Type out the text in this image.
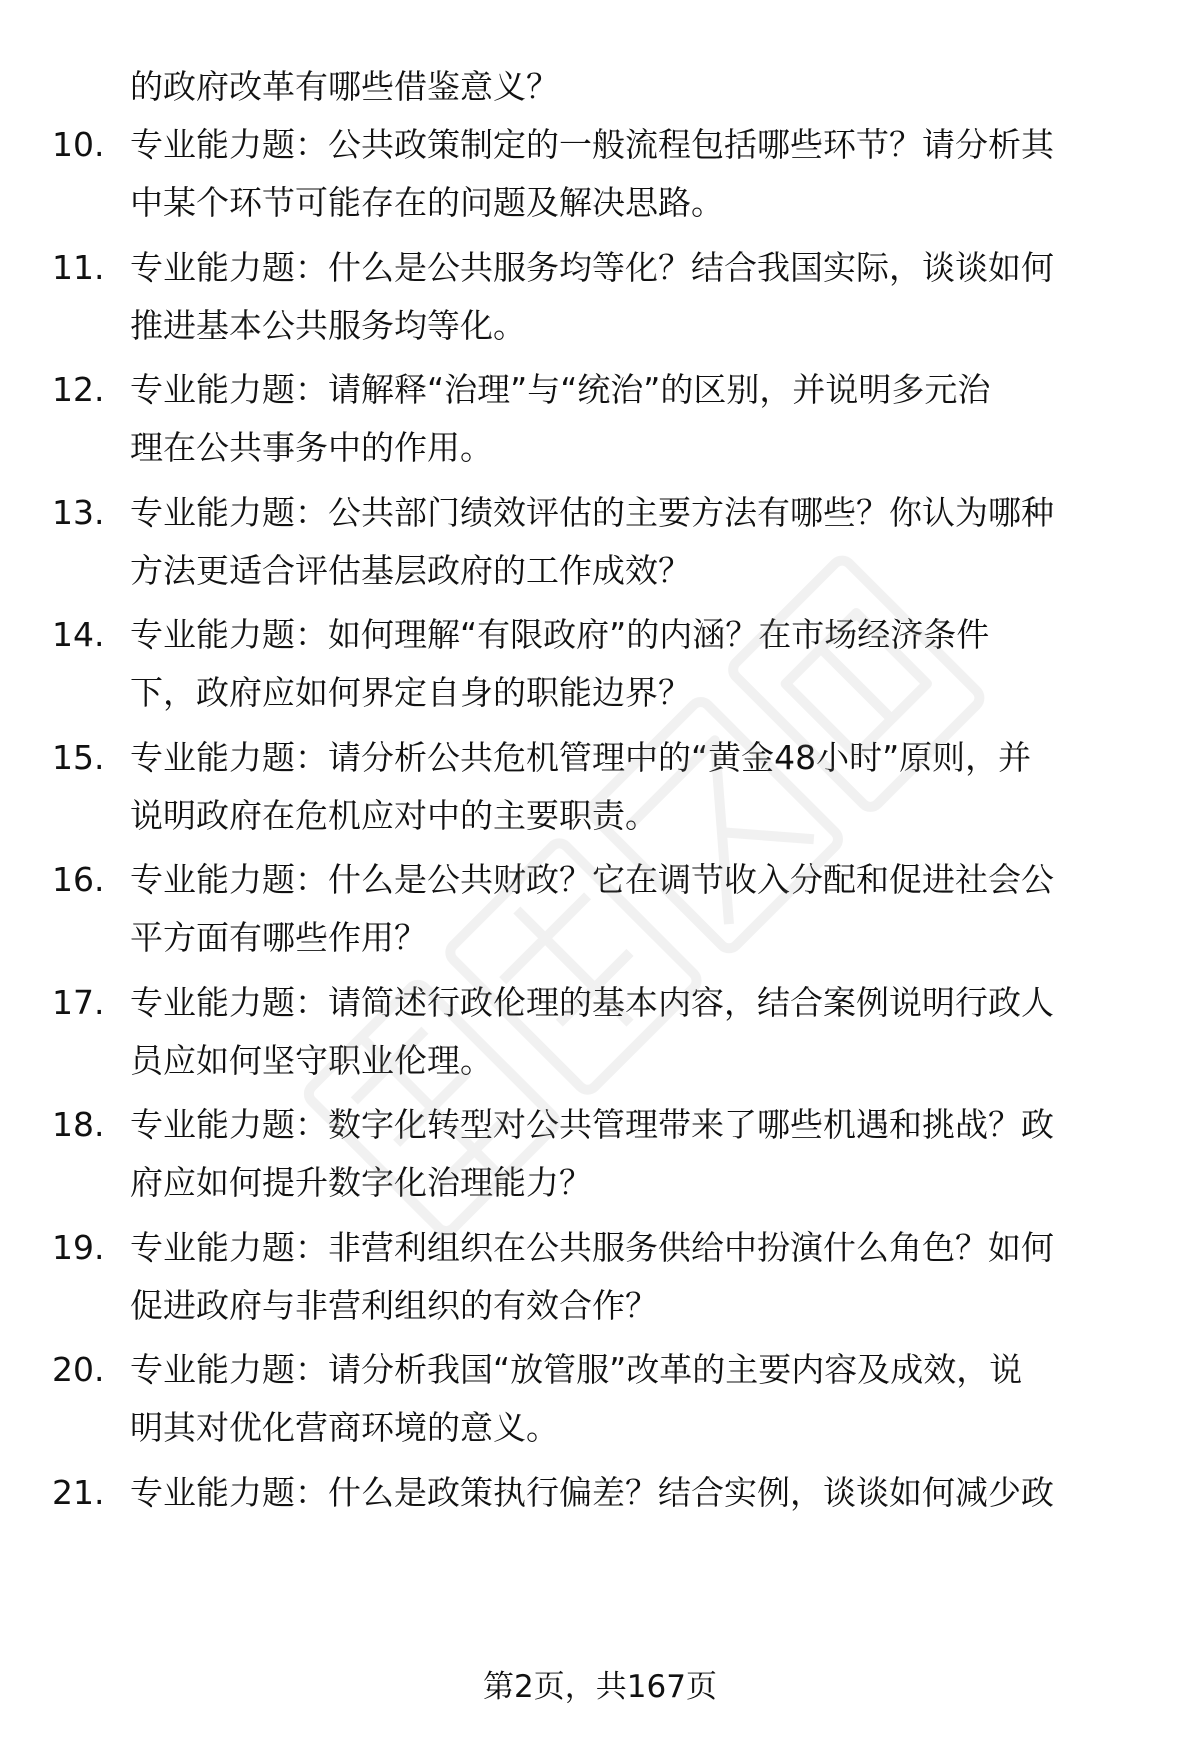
的政府改革有哪些借鉴意义？
10. 专业能力题：公共政策制定的一般流程包括哪些环节？请分析其
中某个环节可能存在的问题及解决思路。
11. 专业能力题：什么是公共服务均等化？结合我国实际，谈谈如何
推进基本公共服务均等化。
12. 专业能力题：请解释“治理”与“统治”的区别，并说明多元治
理在公共事务中的作用。
13. 专业能力题：公共部门绩效评估的主要方法有哪些？你认为哪种
方法更适合评估基层政府的工作成效？
14. 专业能力题：如何理解“有限政府”的内涵？在市场经济条件
下，政府应如何界定自身的职能边界？
15. 专业能力题：请分析公共危机管理中的“黄金48小时”原则，并
说明政府在危机应对中的主要职责。
16. 专业能力题：什么是公共财政？它在调节收入分配和促进社会公
平方面有哪些作用？
17. 专业能力题：请简述行政伦理的基本内容，结合案例说明行政人
员应如何坚守职业伦理。
18. 专业能力题：数字化转型对公共管理带来了哪些机遇和挑战？政
府应如何提升数字化治理能力？
19. 专业能力题：非营利组织在公共服务供给中扮演什么角色？如何
促进政府与非营利组织的有效合作？
20. 专业能力题：请分析我国“放管服”改革的主要内容及成效，说
明其对优化营商环境的意义。
21. 专业能力题：什么是政策执行偏差？结合实例，谈谈如何减少政
第2页，共167页
